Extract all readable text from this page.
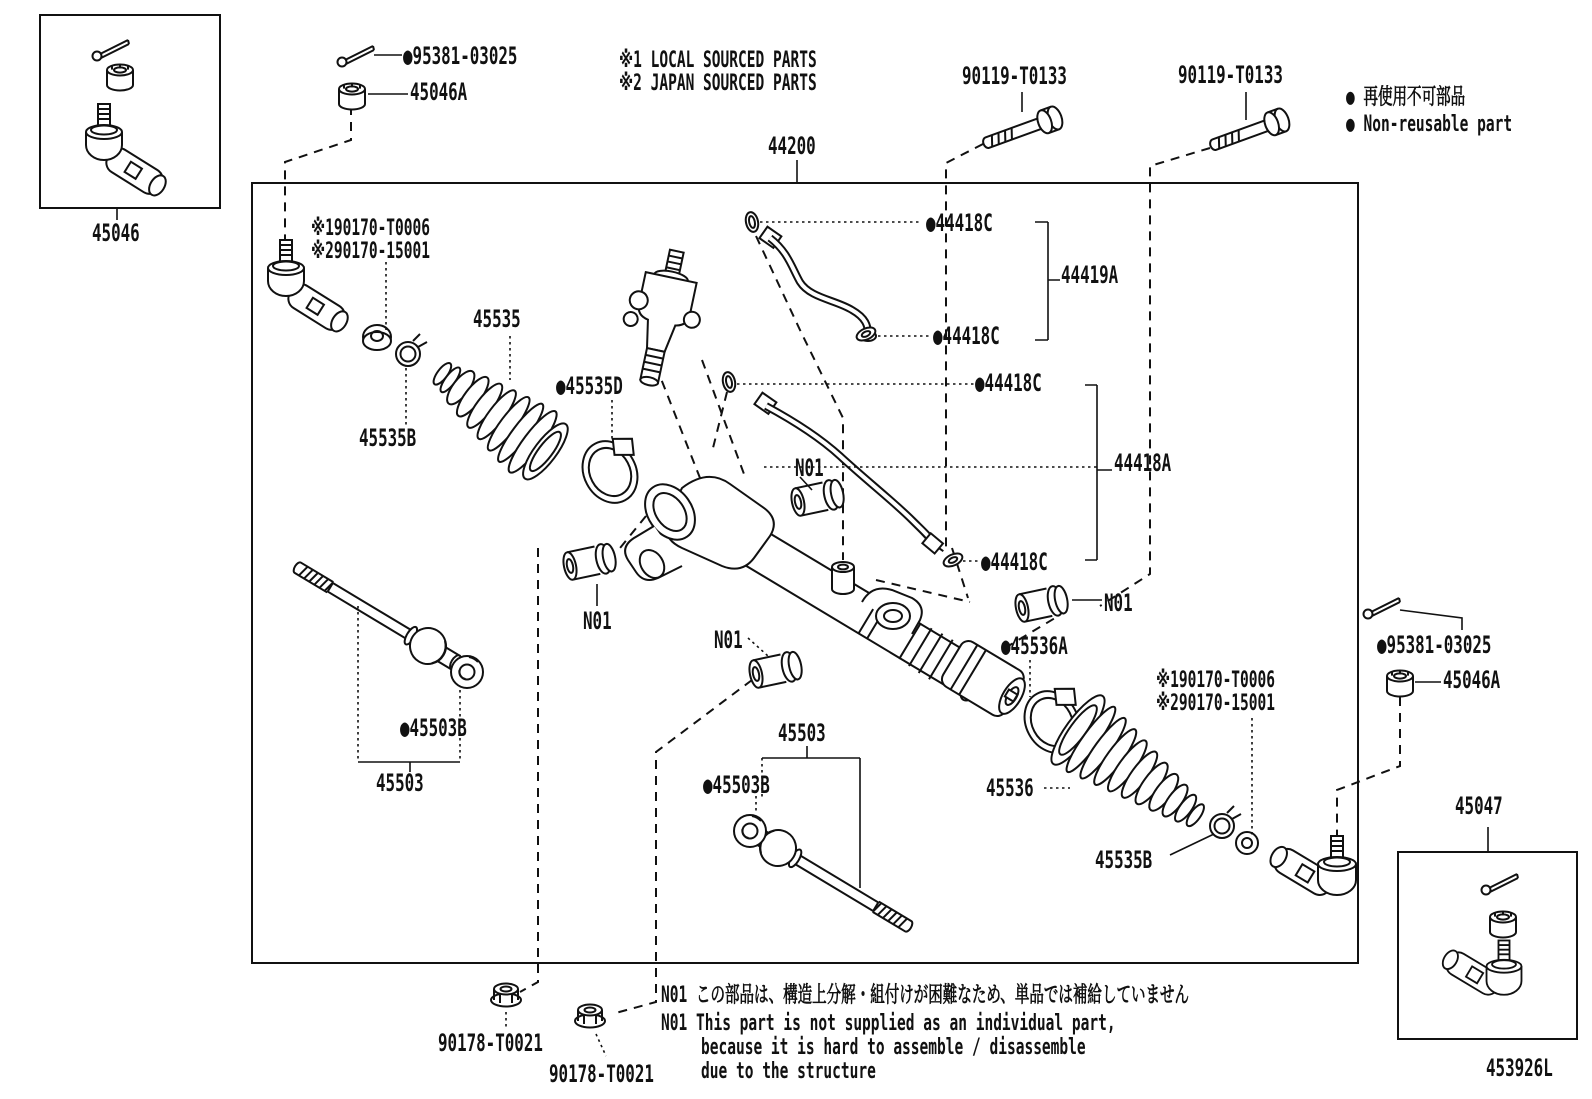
45046
●95381-03025
45046A
※1 LOCAL SOURCED PARTS
※2 JAPAN SOURCED PARTS	90119-T0133	90119-T0133
44200
● 再使用不可部品
● Non-reusable part
※190170-T0006
※290170-15001
45535
45535B
●45535D
●44418C
44419A
●44418C
●44418C
44418A
●44418C
N01
N01
N01
N01
●45536A
45503
●45503B	45503
●45503B	45536
※190170-T0006
※290170-15001
45535B
●95381-03025
45046A
45047
90178-T0021
90178-T0021	453926L
N01 この部品は、構造上分解・組付けが困難なため、単品では補給していません
N01 This part is not supplied as an individual part,
because it is hard to assemble / disassemble
due to the structure
